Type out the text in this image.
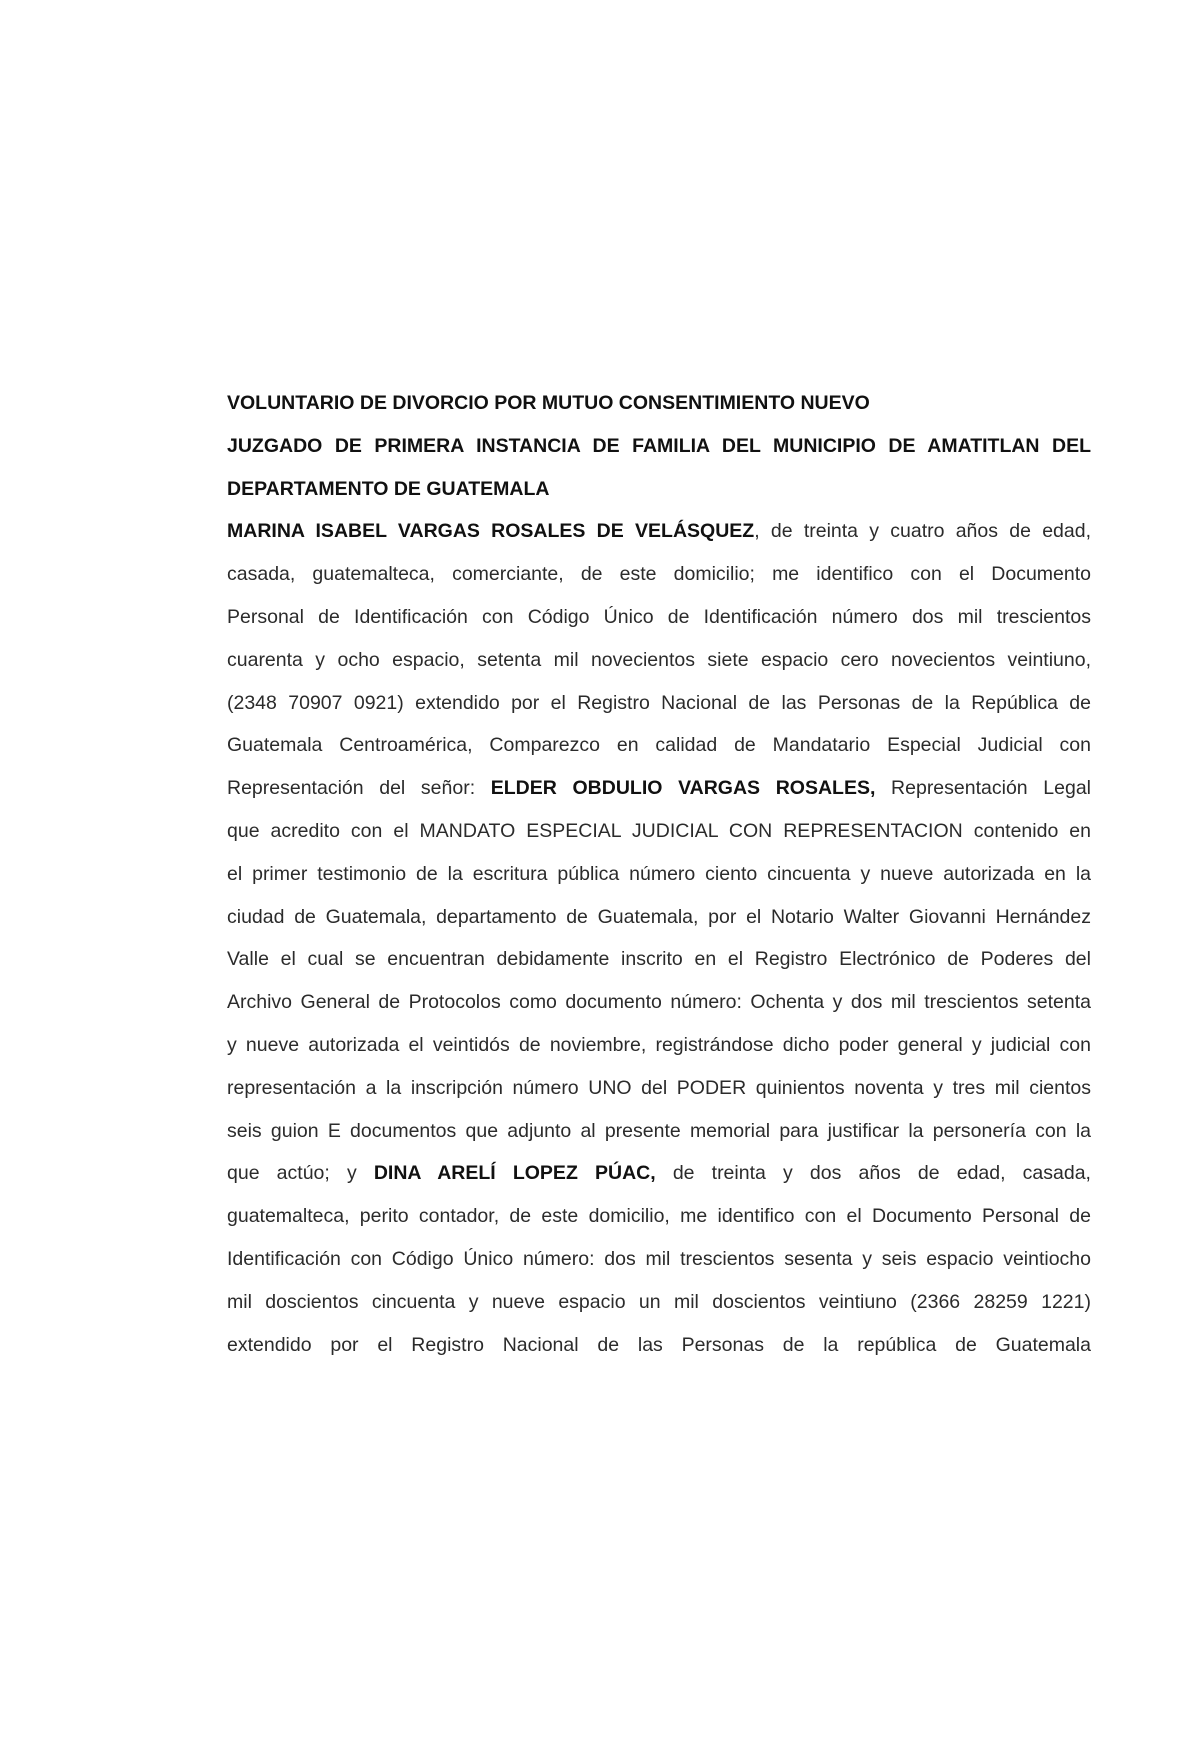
VOLUNTARIO DE DIVORCIO POR MUTUO CONSENTIMIENTO NUEVO
JUZGADO DE PRIMERA INSTANCIA DE FAMILIA DEL MUNICIPIO DE AMATITLAN DEL
DEPARTAMENTO DE GUATEMALA
MARINA ISABEL VARGAS ROSALES DE VELÁSQUEZ, de treinta y cuatro años de edad,
casada, guatemalteca, comerciante, de este domicilio; me identifico con el Documento
Personal de Identificación con Código Único de Identificación número dos mil trescientos
cuarenta y ocho espacio, setenta mil novecientos siete espacio cero novecientos veintiuno,
(2348 70907 0921) extendido por el Registro Nacional de las Personas de la República de
Guatemala Centroamérica, Comparezco en calidad de Mandatario Especial Judicial con
Representación del señor: ELDER OBDULIO VARGAS ROSALES, Representación Legal
que acredito con el MANDATO ESPECIAL JUDICIAL CON REPRESENTACION contenido en
el primer testimonio de la escritura pública número ciento cincuenta y nueve autorizada en la
ciudad de Guatemala, departamento de Guatemala, por el Notario Walter Giovanni Hernández
Valle el cual se encuentran debidamente inscrito en el Registro Electrónico de Poderes del
Archivo General de Protocolos como documento número: Ochenta y dos mil trescientos setenta
y nueve autorizada el veintidós de noviembre, registrándose dicho poder general y judicial con
representación a la inscripción número UNO del PODER quinientos noventa y tres mil cientos
seis guion E documentos que adjunto al presente memorial para justificar la personería con la
que actúo; y DINA ARELÍ LOPEZ PÚAC, de treinta y dos años de edad, casada,
guatemalteca, perito contador, de este domicilio, me identifico con el Documento Personal de
Identificación con Código Único número: dos mil trescientos sesenta y seis espacio veintiocho
mil doscientos cincuenta y nueve espacio un mil doscientos veintiuno (2366 28259 1221)
extendido por el Registro Nacional de las Personas de la república de Guatemala
